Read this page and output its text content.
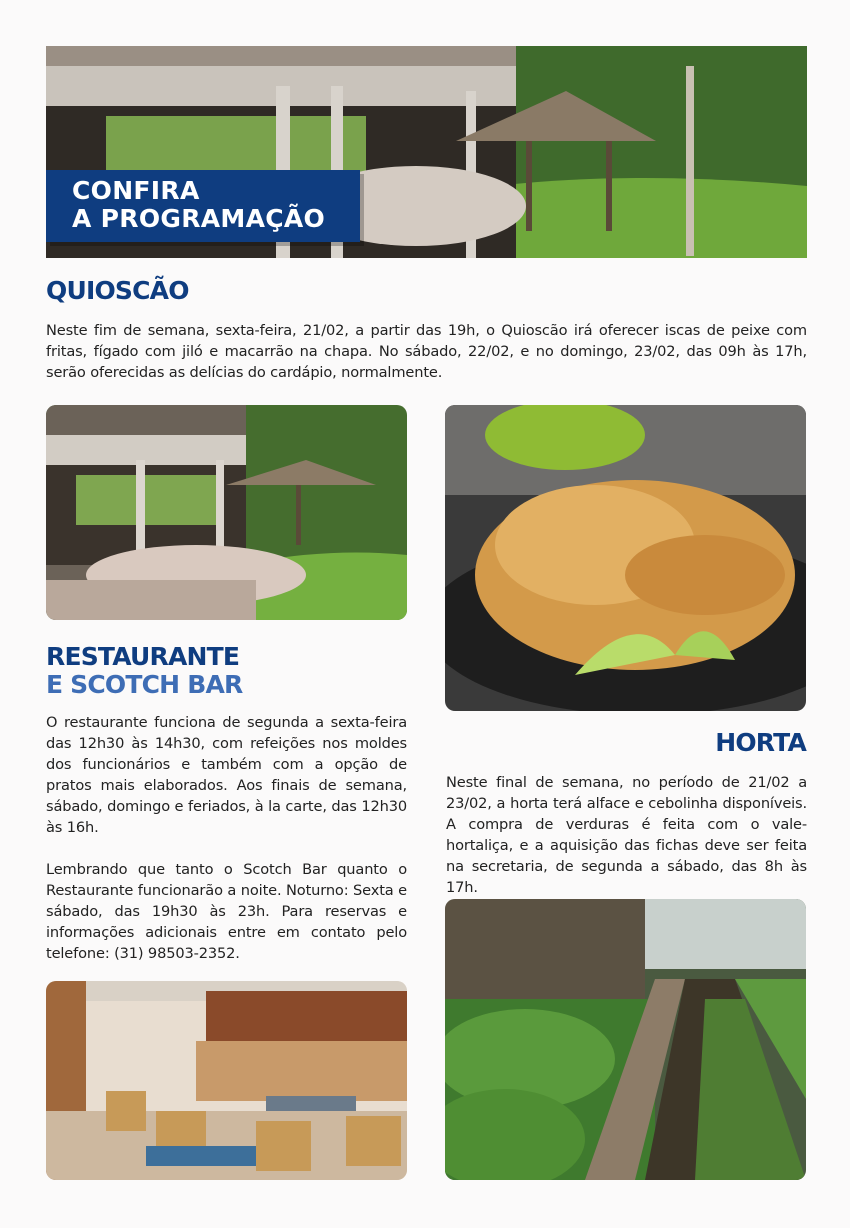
CONFIRA
A PROGRAMAÇÃO
QUIOSCÃO
Neste fim de semana, sexta-feira, 21/02, a partir das 19h, o Quioscão irá oferecer iscas de peixe com fritas, fígado com jiló e macarrão na chapa. No sábado, 22/02, e no domingo, 23/02, das 09h às 17h, serão oferecidas as delícias do cardápio, normalmente.
RESTAURANTE
E SCOTCH BAR
O restaurante funciona de segunda a sexta-feira das 12h30 às 14h30, com refeições nos moldes dos funcionários e também com a opção de pratos mais elaborados. Aos finais de semana, sábado, domingo e feriados, à la carte, das 12h30 às 16h.
Lembrando que tanto o Scotch Bar quanto o Restaurante funcionarão a noite. Noturno: Sexta e sábado, das 19h30 às 23h. Para reservas e informações adicionais entre em contato pelo telefone: (31) 98503-2352.
HORTA
Neste final de semana, no período de 21/02 a 23/02, a horta terá alface e cebolinha disponíveis. A compra de verduras é feita com o vale-hortaliça, e a aquisição das fichas deve ser feita na secretaria, de segunda a sábado, das 8h às 17h.
